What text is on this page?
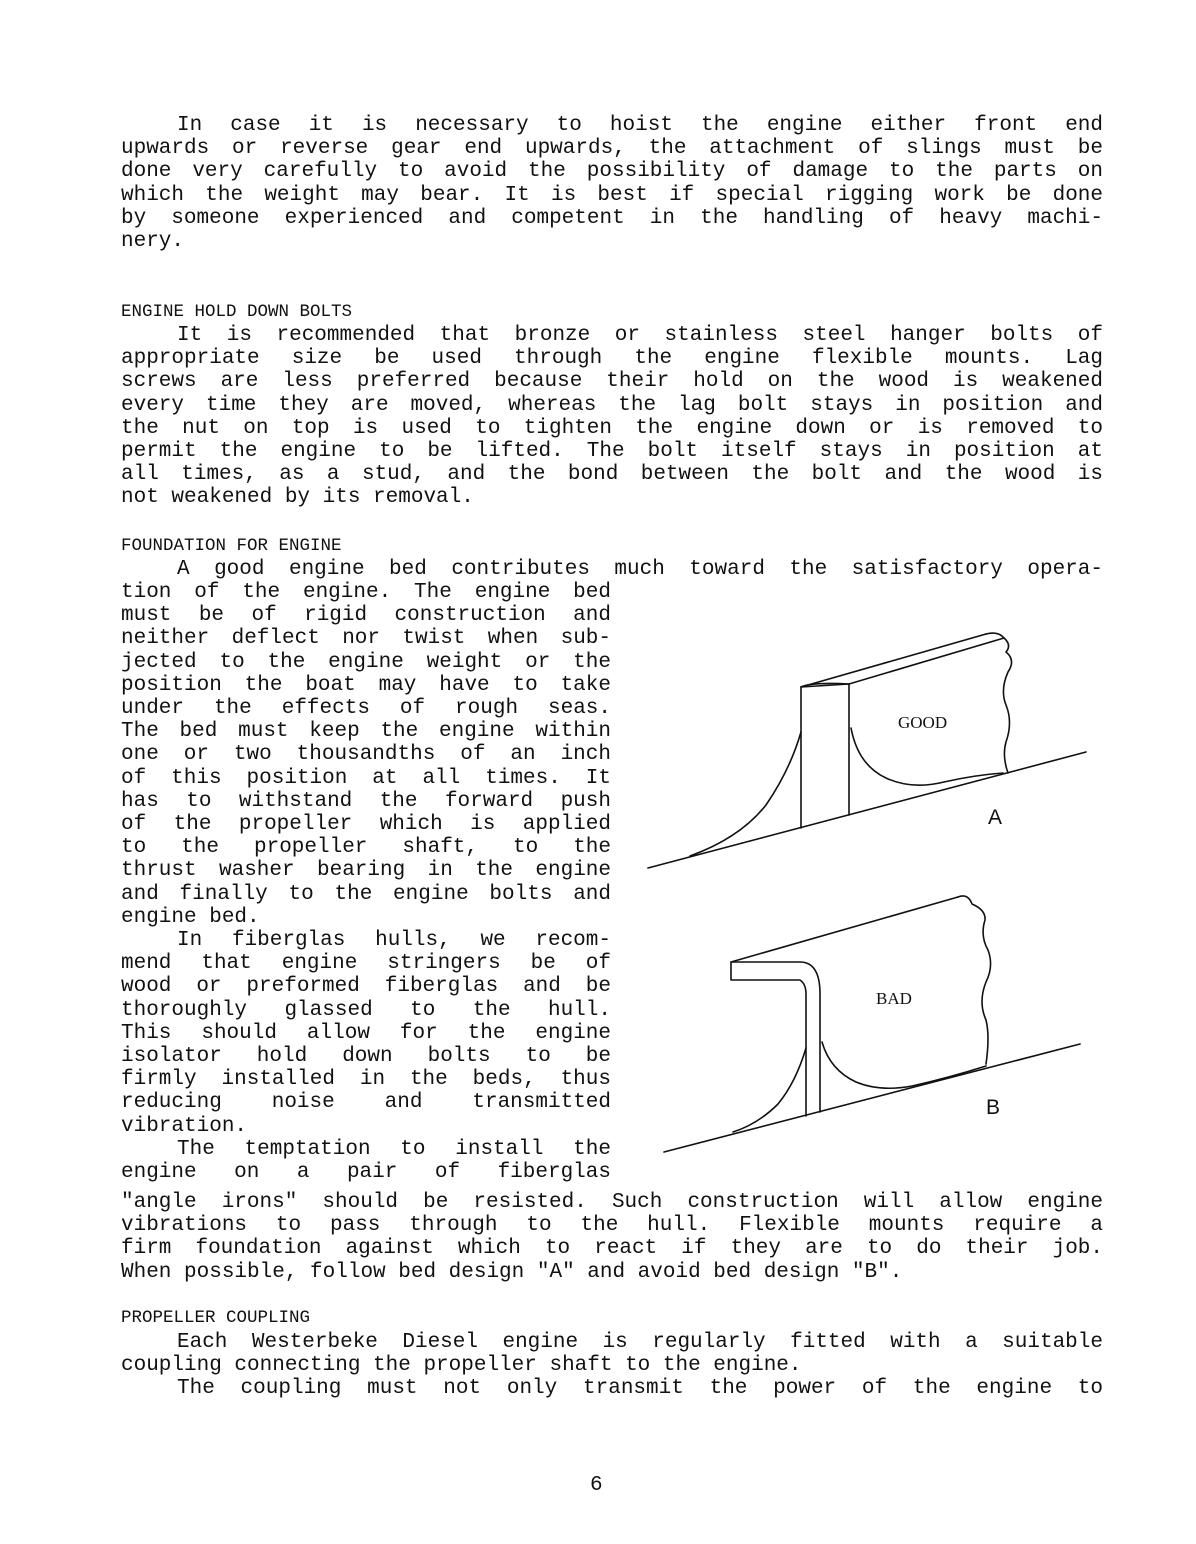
In case it is necessary to hoist the engine either front end
upwards or reverse gear end upwards, the attachment of slings must be
done very carefully to avoid the possibility of damage to the parts on
which the weight may bear. It is best if special rigging work be done
by someone experienced and competent in the handling of heavy machi-
nery.
ENGINE HOLD DOWN BOLTS
It is recommended that bronze or stainless steel hanger bolts of
appropriate size be used through the engine flexible mounts. Lag
screws are less preferred because their hold on the wood is weakened
every time they are moved, whereas the lag bolt stays in position and
the nut on top is used to tighten the engine down or is removed to
permit the engine to be lifted. The bolt itself stays in position at
all times, as a stud, and the bond between the bolt and the wood is
not weakened by its removal.
FOUNDATION FOR ENGINE
A good engine bed contributes much toward the satisfactory opera-
tion of the engine. The engine bed
must be of rigid construction and
neither deflect nor twist when sub-
jected to the engine weight or the
position the boat may have to take
under the effects of rough seas.
The bed must keep the engine within
one or two thousandths of an inch
of this position at all times. It
has to withstand the forward push
of the propeller which is applied
to the propeller shaft, to the
thrust washer bearing in the engine
and finally to the engine bolts and
engine bed.
In fiberglas hulls, we recom-
mend that engine stringers be of
wood or preformed fiberglas and be
thoroughly glassed to the hull.
This should allow for the engine
isolator hold down bolts to be
firmly installed in the beds, thus
reducing noise and transmitted
vibration.
The temptation to install the
engine on a pair of fiberglas
"angle irons" should be resisted. Such construction will allow engine
vibrations to pass through to the hull. Flexible mounts require a
firm foundation against which to react if they are to do their job.
When possible, follow bed design "A" and avoid bed design "B".
GOOD
A
BAD
B
PROPELLER COUPLING
Each Westerbeke Diesel engine is regularly fitted with a suitable
coupling connecting the propeller shaft to the engine.
The coupling must not only transmit the power of the engine to
6
